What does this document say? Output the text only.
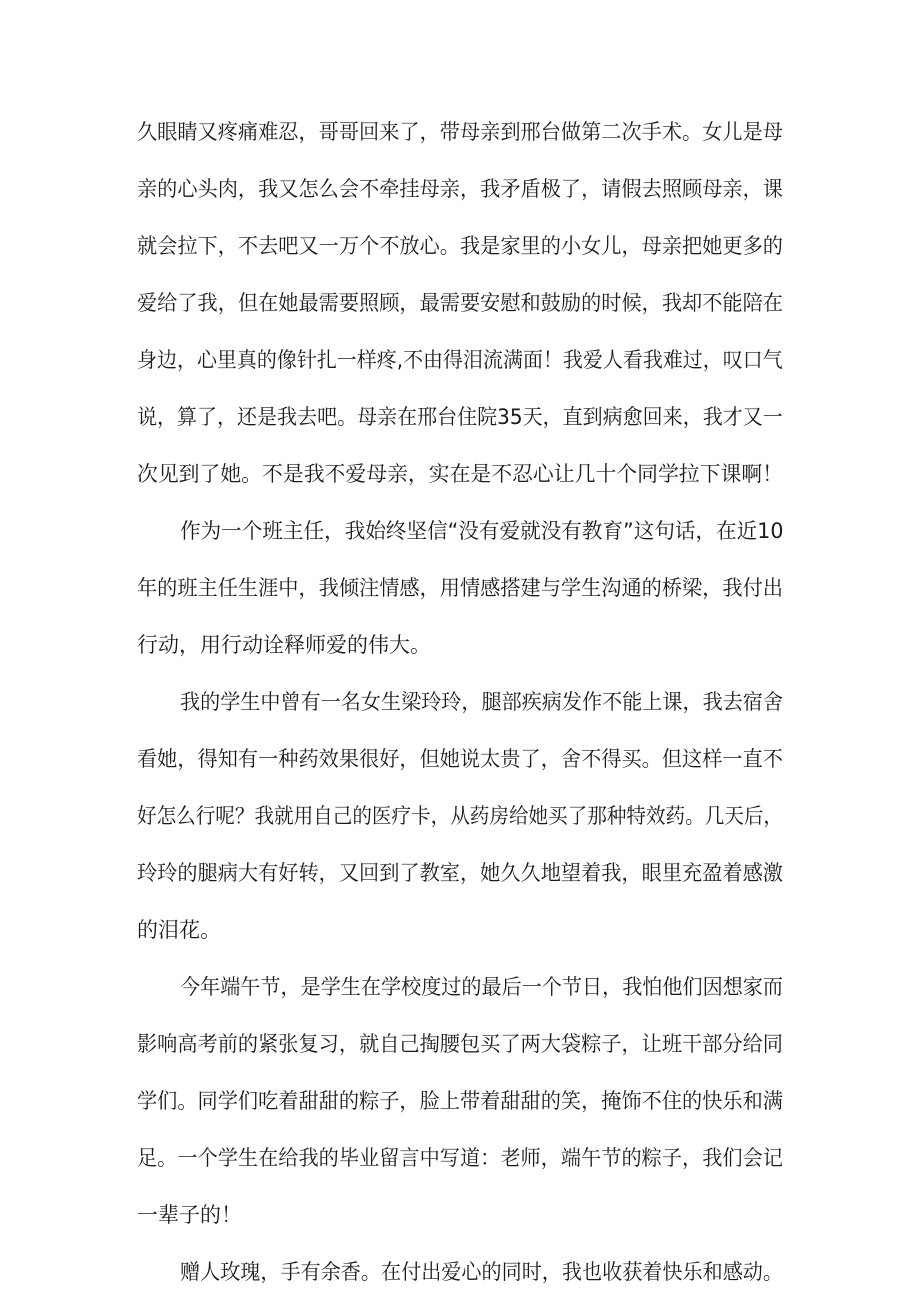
久眼睛又疼痛难忍，哥哥回来了，带母亲到邢台做第二次手术。女儿是母
亲的心头肉，我又怎么会不牵挂母亲，我矛盾极了，请假去照顾母亲，课
就会拉下，不去吧又一万个不放心。我是家里的小女儿，母亲把她更多的
爱给了我，但在她最需要照顾，最需要安慰和鼓励的时候，我却不能陪在
身边，心里真的像针扎一样疼,不由得泪流满面！我爱人看我难过，叹口气
说，算了，还是我去吧。母亲在邢台住院35天，直到病愈回来，我才又一
次见到了她。不是我不爱母亲，实在是不忍心让几十个同学拉下课啊！
作为一个班主任，我始终坚信“没有爱就没有教育”这句话，在近10
年的班主任生涯中，我倾注情感，用情感搭建与学生沟通的桥梁，我付出
行动，用行动诠释师爱的伟大。
我的学生中曾有一名女生梁玲玲，腿部疾病发作不能上课，我去宿舍
看她，得知有一种药效果很好，但她说太贵了，舍不得买。但这样一直不
好怎么行呢？我就用自己的医疗卡，从药房给她买了那种特效药。几天后，
玲玲的腿病大有好转，又回到了教室，她久久地望着我，眼里充盈着感激
的泪花。
今年端午节，是学生在学校度过的最后一个节日，我怕他们因想家而
影响高考前的紧张复习，就自己掏腰包买了两大袋粽子，让班干部分给同
学们。同学们吃着甜甜的粽子，脸上带着甜甜的笑，掩饰不住的快乐和满
足。一个学生在给我的毕业留言中写道：老师，端午节的粽子，我们会记
一辈子的！
赠人玫瑰，手有余香。在付出爱心的同时，我也收获着快乐和感动。
